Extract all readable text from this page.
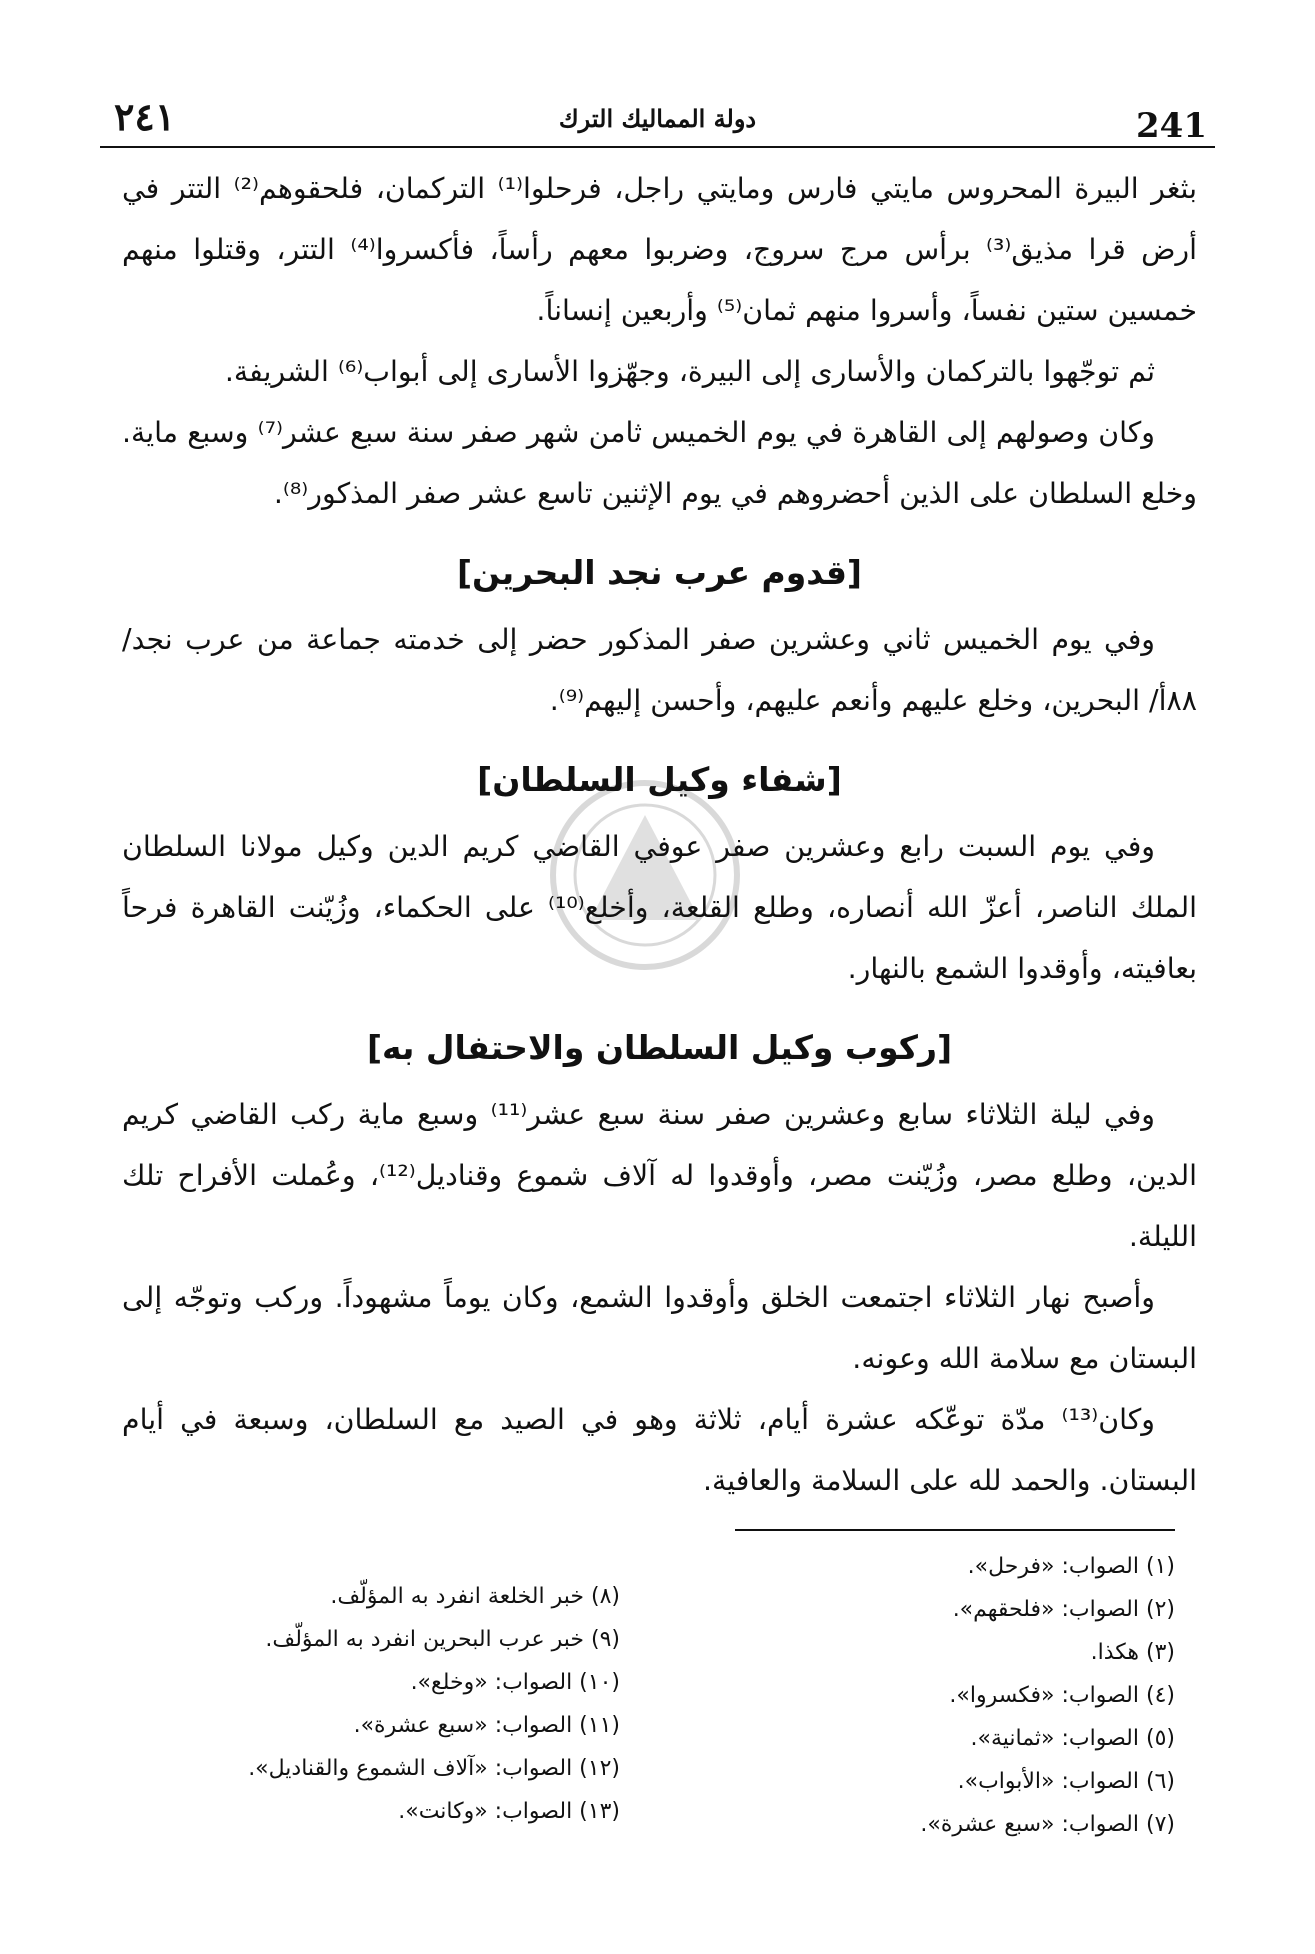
٢٤١	دولة المماليك الترك	241

بثغر البيرة المحروس مايتي فارس ومايتي راجل، فرحلوا⁽¹⁾ التركمان، فلحقوهم⁽²⁾ التتر في أرض قرا مذيق⁽³⁾ برأس مرج سروج، وضربوا معهم رأساً، فأكسروا⁽⁴⁾ التتر، وقتلوا منهم خمسين ستين نفساً، وأسروا منهم ثمان⁽⁵⁾ وأربعين إنساناً.

ثم توجّهوا بالتركمان والأسارى إلى البيرة، وجهّزوا الأسارى إلى أبواب⁽⁶⁾ الشريفة.

وكان وصولهم إلى القاهرة في يوم الخميس ثامن شهر صفر سنة سبع عشر⁽⁷⁾ وسبع ماية. وخلع السلطان على الذين أحضروهم في يوم الإثنين تاسع عشر صفر المذكور⁽⁸⁾.

[قدوم عرب نجد البحرين]

وفي يوم الخميس ثاني وعشرين صفر المذكور حضر إلى خدمته جماعة من عرب نجد/ ٨٨أ/ البحرين، وخلع عليهم وأنعم عليهم، وأحسن إليهم⁽⁹⁾.

[شفاء وكيل السلطان]

وفي يوم السبت رابع وعشرين صفر عوفي القاضي كريم الدين وكيل مولانا السلطان الملك الناصر، أعزّ الله أنصاره، وطلع القلعة، وأخلع⁽¹⁰⁾ على الحكماء، وزُيّنت القاهرة فرحاً بعافيته، وأوقدوا الشمع بالنهار.

[ركوب وكيل السلطان والاحتفال به]

وفي ليلة الثلاثاء سابع وعشرين صفر سنة سبع عشر⁽¹¹⁾ وسبع ماية ركب القاضي كريم الدين، وطلع مصر، وزُيّنت مصر، وأوقدوا له آلاف شموع وقناديل⁽¹²⁾، وعُملت الأفراح تلك الليلة.

وأصبح نهار الثلاثاء اجتمعت الخلق وأوقدوا الشمع، وكان يوماً مشهوداً. وركب وتوجّه إلى البستان مع سلامة الله وعونه.

وكان⁽¹³⁾ مدّة توعّكه عشرة أيام، ثلاثة وهو في الصيد مع السلطان، وسبعة في أيام البستان. والحمد لله على السلامة والعافية.

(١) الصواب: «فرحل».
(٢) الصواب: «فلحقهم».
(٣) هكذا.
(٤) الصواب: «فكسروا».
(٥) الصواب: «ثمانية».
(٦) الصواب: «الأبواب».
(٧) الصواب: «سبع عشرة».
(٨) خبر الخلعة انفرد به المؤلّف.
(٩) خبر عرب البحرين انفرد به المؤلّف.
(١٠) الصواب: «وخلع».
(١١) الصواب: «سبع عشرة».
(١٢) الصواب: «آلاف الشموع والقناديل».
(١٣) الصواب: «وكانت».
